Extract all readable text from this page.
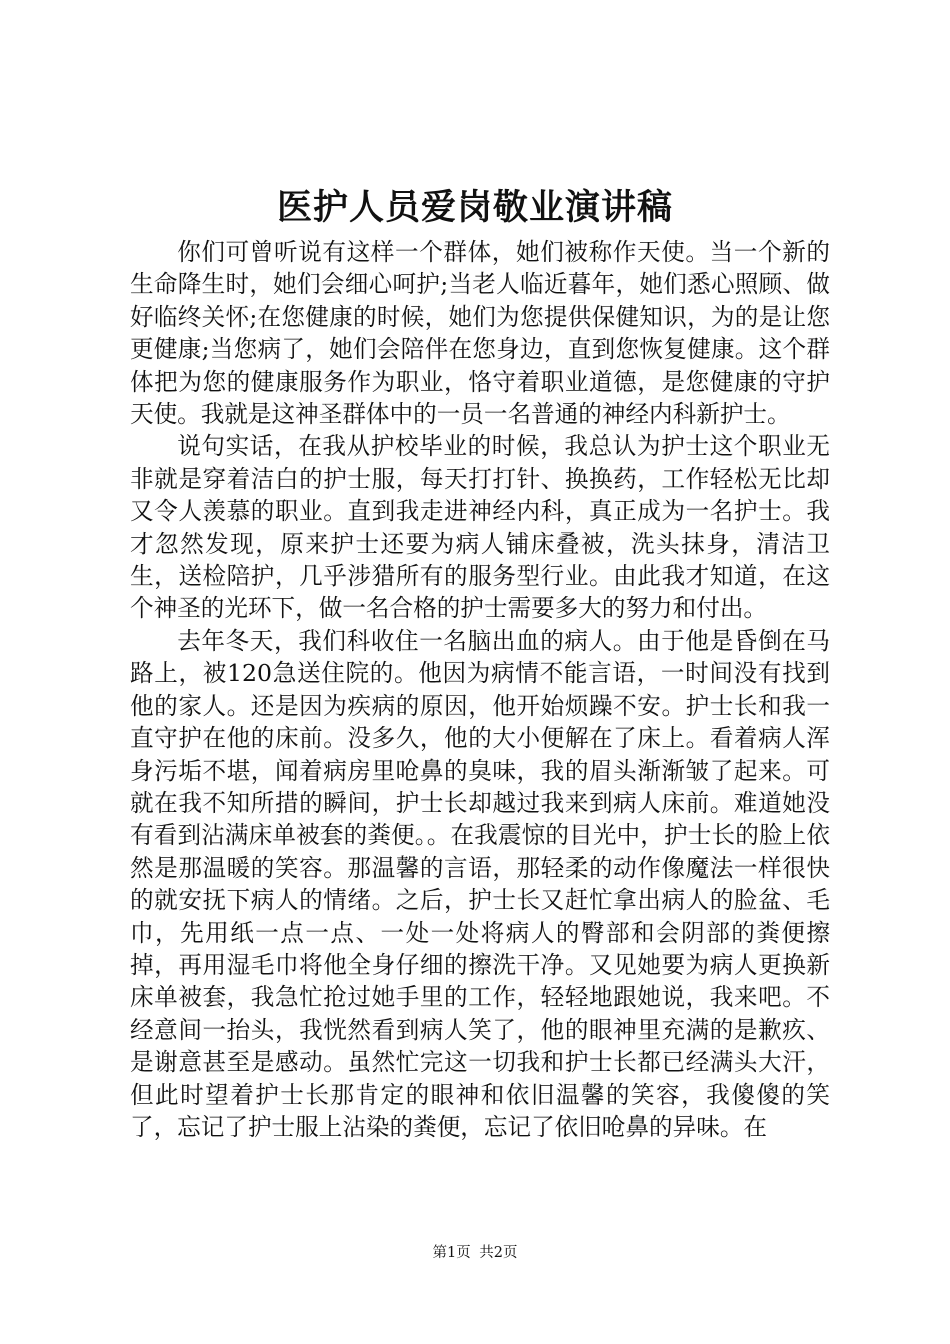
医护人员爱岗敬业演讲稿

你们可曾听说有这样一个群体，她们被称作天使。当一个新的生命降生时，她们会细心呵护;当老人临近暮年，她们悉心照顾、做好临终关怀;在您健康的时候，她们为您提供保健知识，为的是让您更健康;当您病了，她们会陪伴在您身边，直到您恢复健康。这个群体把为您的健康服务作为职业，恪守着职业道德，是您健康的守护天使。我就是这神圣群体中的一员一名普通的神经内科新护士。

说句实话，在我从护校毕业的时候，我总认为护士这个职业无非就是穿着洁白的护士服，每天打打针、换换药，工作轻松无比却又令人羡慕的职业。直到我走进神经内科，真正成为一名护士。我才忽然发现，原来护士还要为病人铺床叠被，洗头抹身，清洁卫生，送检陪护，几乎涉猎所有的服务型行业。由此我才知道，在这个神圣的光环下，做一名合格的护士需要多大的努力和付出。

去年冬天，我们科收住一名脑出血的病人。由于他是昏倒在马路上，被120急送住院的。他因为病情不能言语，一时间没有找到他的家人。还是因为疾病的原因，他开始烦躁不安。护士长和我一直守护在他的床前。没多久，他的大小便解在了床上。看着病人浑身污垢不堪，闻着病房里呛鼻的臭味，我的眉头渐渐皱了起来。可就在我不知所措的瞬间，护士长却越过我来到病人床前。难道她没有看到沾满床单被套的粪便。。在我震惊的目光中，护士长的脸上依然是那温暖的笑容。那温馨的言语，那轻柔的动作像魔法一样很快的就安抚下病人的情绪。之后，护士长又赶忙拿出病人的脸盆、毛巾，先用纸一点一点、一处一处将病人的臀部和会阴部的粪便擦掉，再用湿毛巾将他全身仔细的擦洗干净。又见她要为病人更换新床单被套，我急忙抢过她手里的工作，轻轻地跟她说，我来吧。不经意间一抬头，我恍然看到病人笑了，他的眼神里充满的是歉疚、是谢意甚至是感动。虽然忙完这一切我和护士长都已经满头大汗，但此时望着护士长那肯定的眼神和依旧温馨的笑容，我傻傻的笑了，忘记了护士服上沾染的粪便，忘记了依旧呛鼻的异味。在

第1页 共2页
